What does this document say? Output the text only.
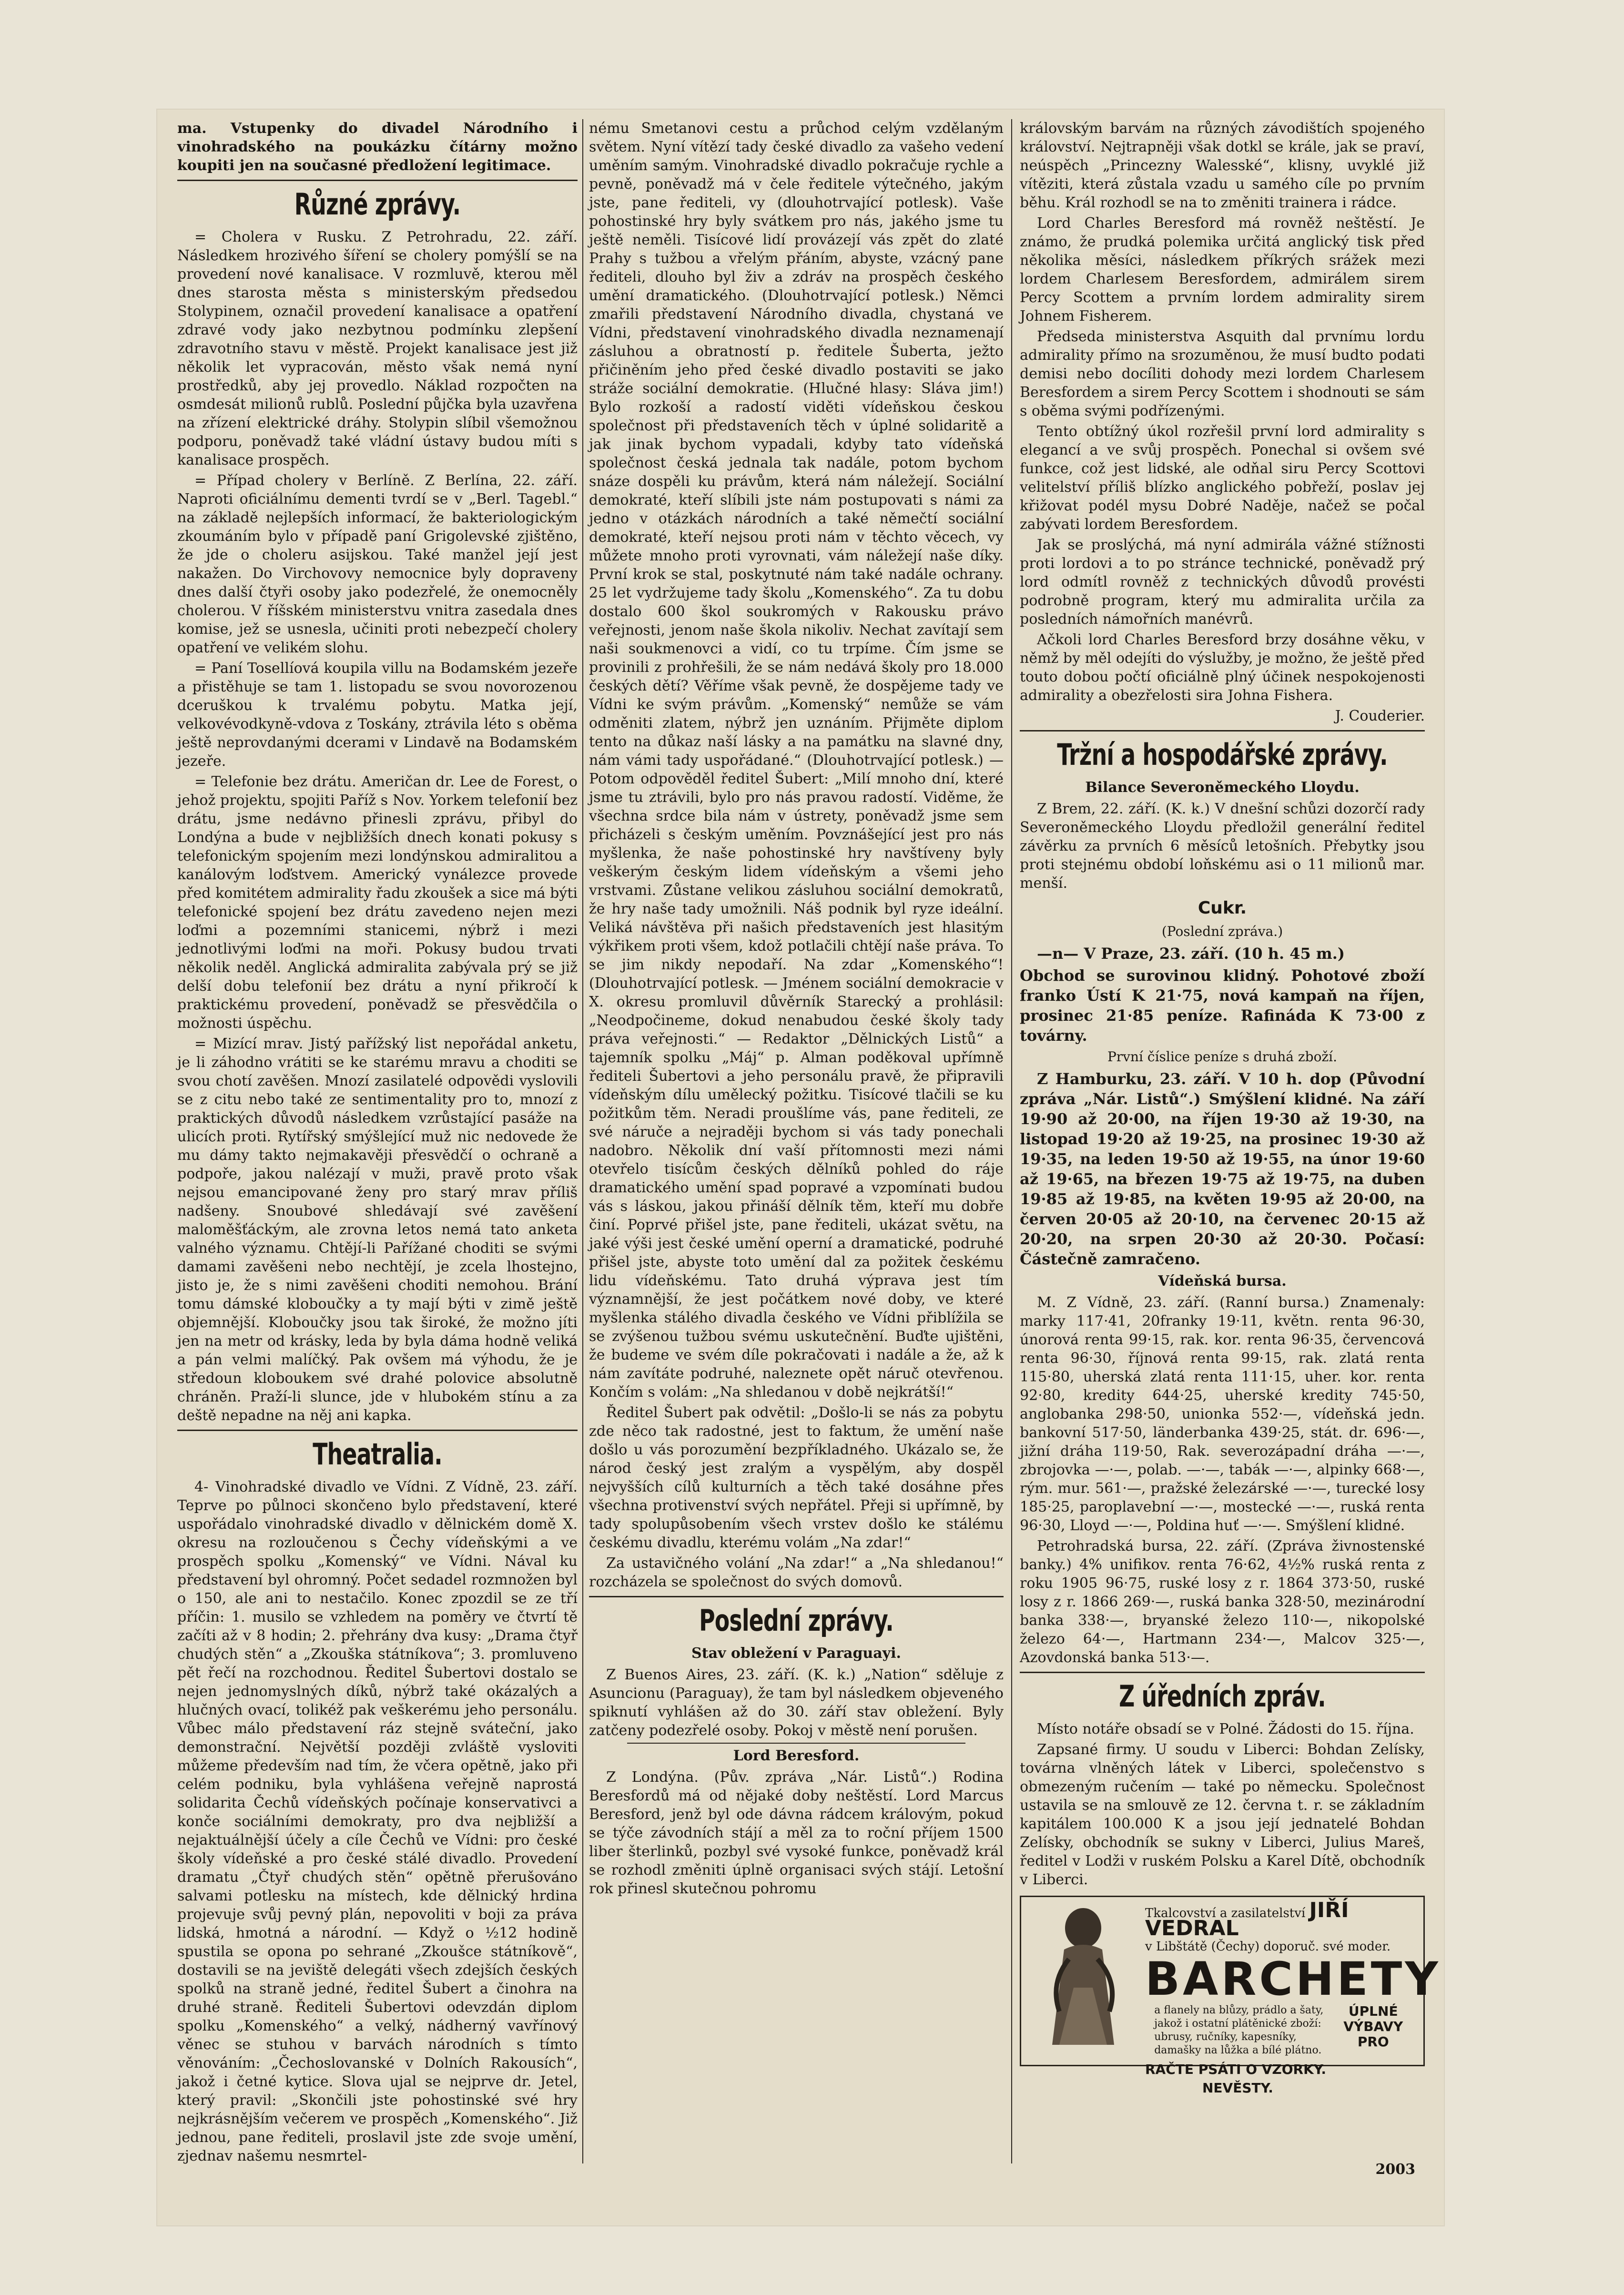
ma. Vstupenky do divadel Národního i vinohradského na poukázku čítárny možno koupiti jen na současné předložení legitimace.

Různé zprávy.

= Cholera v Rusku. Z Petrohradu, 22. září. Následkem hrozivého šíření se cholery pomýšlí se na provedení nové kanalisace. V rozmluvě, kterou měl dnes starosta města s ministerským předsedou Stolypinem, označil provedení kanalisace a opatření zdravé vody jako nezbytnou podmínku zlepšení zdravotního stavu v městě. Projekt kanalisace jest již několik let vypracován, město však nemá nyní prostředků, aby jej provedlo. Náklad rozpočten na osmdesát milionů rublů. Poslední půjčka byla uzavřena na zřízení elektrické dráhy. Stolypin slíbil všemožnou podporu, poněvadž také vládní ústavy budou míti s kanalisace prospěch.

= Případ cholery v Berlíně. Z Berlína, 22. září. Naproti oficiálnímu dementi tvrdí se v „Berl. Tagebl.“ na základě nejlepších informací, že bakteriologickým zkoumáním bylo v případě paní Grigolevské zjištěno, že jde o choleru asijskou. Také manžel její jest nakažen. Do Virchovovy nemocnice byly dopraveny dnes další čtyři osoby jako podezřelé, že onemocněly cholerou. V říšském ministerstvu vnitra zasedala dnes komise, jež se usnesla, učiniti proti nebezpečí cholery opatření ve velikém slohu.

= Paní Tosellíová koupila villu na Bodamském jezeře a přistěhuje se tam 1. listopadu se svou novorozenou dceruškou k trvalému pobytu. Matka její, velkovévodkyně-vdova z Toskány, ztrávila léto s oběma ještě neprovdanými dcerami v Lindavě na Bodamském jezeře.

= Telefonie bez drátu. Američan dr. Lee de Forest, o jehož projektu, spojiti Paříž s Nov. Yorkem telefonií bez drátu, jsme nedávno přinesli zprávu, přibyl do Londýna a bude v nejbližších dnech konati pokusy s telefonickým spojením mezi londýnskou admiralitou a kanálovým loďstvem. Americký vynálezce provede před komitétem admirality řadu zkoušek a sice má býti telefonické spojení bez drátu zavedeno nejen mezi loďmi a pozemními stanicemi, nýbrž i mezi jednotlivými loďmi na moři. Pokusy budou trvati několik neděl. Anglická admiralita zabývala prý se již delší dobu telefonií bez drátu a nyní přikročí k praktickému provedení, poněvadž se přesvědčila o možnosti úspěchu.

= Mizící mrav. Jistý pařížský list nepořádal anketu, je li záhodno vrátiti se ke starému mravu a choditi se svou chotí zavěšen. Mnozí zasilatelé odpovědi vyslovili se z citu nebo také ze sentimentality pro to, mnozí z praktických důvodů následkem vzrůstající pasáže na ulicích proti. Rytířský smýšlející muž nic nedovede že mu dámy takto nejmakavěji přesvědčí o ochraně a podpoře, jakou nalézají v muži, pravě proto však nejsou emancipované ženy pro starý mrav příliš nadšeny. Snoubové shledávají své zavěšení maloměšťáckým, ale zrovna letos nemá tato anketa valného významu. Chtějí-li Pařížané choditi se svými damami zavěšeni nebo nechtějí, je zcela lhostejno, jisto je, že s nimi zavěšeni choditi nemohou. Brání tomu dámské kloboučky a ty mají býti v zimě ještě objemnější. Kloboučky jsou tak široké, že možno jíti jen na metr od krásky, leda by byla dáma hodně veliká a pán velmi malíčký. Pak ovšem má výhodu, že je středoun kloboukem své drahé polovice absolutně chráněn. Praží-li slunce, jde v hlubokém stínu a za deště nepadne na něj ani kapka.

Theatralia.

4- Vinohradské divadlo ve Vídni. Z Vídně, 23. září. Teprve po půlnoci skončeno bylo představení, které uspořádalo vinohradské divadlo v dělnickém domě X. okresu na rozloučenou s Čechy vídeňskými a ve prospěch spolku „Komenský“ ve Vídni. Nával ku představení byl ohromný. Počet sedadel rozmnožen byl o 150, ale ani to nestačilo. Konec zpozdil se ze tří příčin: 1. musilo se vzhledem na poměry ve čtvrtí tě začíti až v 8 hodin; 2. přehrány dva kusy: „Drama čtyř chudých stěn“ a „Zkouška státníkova“; 3. promluveno pět řečí na rozchodnou. Ředitel Šubertovi dostalo se nejen jednomyslných díků, nýbrž také okázalých a hlučných ovací, tolikéž pak veškerému jeho personálu. Vůbec málo představení ráz stejně sváteční, jako demonstrační. Největší později zvláště vysloviti můžeme především nad tím, že včera opětně, jako při celém podniku, byla vyhlášena veřejně naprostá solidarita Čechů vídeňských počínaje konservativci a konče sociálními demokraty, pro dva nejbližší a nejaktuálnější účely a cíle Čechů ve Vídni: pro české školy vídeňské a pro české stálé divadlo. Provedení dramatu „Čtyř chudých stěn“ opětně přerušováno salvami potlesku na místech, kde dělnický hrdina projevuje svůj pevný plán, nepovoliti v boji za práva lidská, hmotná a národní. — Když o ½12 hodině spustila se opona po sehrané „Zkoušce státníkově“, dostavili se na jeviště delegáti všech zdejších českých spolků na straně jedné, ředitel Šubert a činohra na druhé straně. Řediteli Šubertovi odevzdán diplom spolku „Komenského“ a velký, nádherný vavřínový věnec se stuhou v barvách národních s tímto věnováním: „Čechoslovanské v Dolních Rakousích“, jakož i četné kytice. Slova ujal se nejprve dr. Jetel, který pravil: „Skončili jste pohostinské své hry nejkrásnějším večerem ve prospěch „Komenského“. Již jednou, pane řediteli, proslavil jste zde svoje umění, zjednav našemu nesmrtel-

nému Smetanovi cestu a průchod celým vzdělaným světem. Nyní vítězí tady české divadlo za vašeho vedení uměním samým. Vinohradské divadlo pokračuje rychle a pevně, poněvadž má v čele ředitele výtečného, jakým jste, pane řediteli, vy (dlouhotrvající potlesk). Vaše pohostinské hry byly svátkem pro nás, jakého jsme tu ještě neměli. Tisícové lidí provázejí vás zpět do zlaté Prahy s tužbou a vřelým přáním, abyste, vzácný pane řediteli, dlouho byl živ a zdráv na prospěch českého umění dramatického. (Dlouhotrvající potlesk.) Němci zmařili představení Národního divadla, chystaná ve Vídni, představení vinohradského divadla neznamenají zásluhou a obratností p. ředitele Šuberta, ježto přičiněním jeho před české divadlo postaviti se jako stráže sociální demokratie. (Hlučné hlasy: Sláva jim!) Bylo rozkoší a radostí viděti vídeňskou českou společnost při představeních těch v úplné solidaritě a jak jinak bychom vypadali, kdyby tato vídeňská společnost česká jednala tak nadále, potom bychom snáze dospěli ku právům, která nám náležejí. Sociální demokraté, kteří slíbili jste nám postupovati s námi za jedno v otázkách národních a také němečtí sociální demokraté, kteří nejsou proti nám v těchto věcech, vy můžete mnoho proti vyrovnati, vám náležejí naše díky. První krok se stal, poskytnuté nám také nadále ochrany. 25 let vydržujeme tady školu „Komenského“. Za tu dobu dostalo 600 škol soukromých v Rakousku právo veřejnosti, jenom naše škola nikoliv. Nechat zavítají sem naši soukmenovci a vidí, co tu trpíme. Čím jsme se provinili z prohřešili, že se nám nedává školy pro 18.000 českých dětí? Věříme však pevně, že dospějeme tady ve Vídni ke svým právům. „Komenský“ nemůže se vám odměniti zlatem, nýbrž jen uznáním. Přijměte diplom tento na důkaz naší lásky a na památku na slavné dny, nám vámi tady uspořádané.“ (Dlouhotrvající potlesk.) — Potom odpověděl ředitel Šubert: „Milí mnoho dní, které jsme tu ztrávili, bylo pro nás pravou radostí. Viděme, že všechna srdce bila nám v ústrety, poněvadž jsme sem přicházeli s českým uměním. Povznášející jest pro nás myšlenka, že naše pohostinské hry navštíveny byly veškerým českým lidem vídeňským a všemi jeho vrstvami. Zůstane velikou zásluhou sociální demokratů, že hry naše tady umožnili. Náš podnik byl ryze ideální. Veliká návštěva při našich představeních jest hlasitým výkřikem proti všem, kdož potlačili chtějí naše práva. To se jim nikdy nepodaří. Na zdar „Komenského“! (Dlouhotrvající potlesk. — Jménem sociální demokracie v X. okresu promluvil důvěrník Starecký a prohlásil: „Neodpočineme, dokud nenabudou české školy tady práva veřejnosti.“ — Redaktor „Dělnických Listů“ a tajemník spolku „Máj“ p. Alman poděkoval upřímně řediteli Šubertovi a jeho personálu pravě, že připravili vídeňským dílu umělecký požitku. Tisícové tlačili se ku požitkům těm. Neradi proušlíme vás, pane řediteli, ze své náruče a nejraději bychom si vás tady ponechali nadobro. Několik dní vaší přítomnosti mezi námi otevřelo tisícům českých dělníků pohled do ráje dramatického umění spad popravé a vzpomínati budou vás s láskou, jakou přináší dělník těm, kteří mu dobře činí. Poprvé přišel jste, pane řediteli, ukázat světu, na jaké výši jest české umění operní a dramatické, podruhé přišel jste, abyste toto umění dal za požitek českému lidu vídeňskému. Tato druhá výprava jest tím významnější, že jest počátkem nové doby, ve které myšlenka stálého divadla českého ve Vídni přiblížila se se zvýšenou tužbou svému uskutečnění. Buďte ujištěni, že budeme ve svém díle pokračovati i nadále a že, až k nám zavítáte podruhé, naleznete opět náruč otevřenou. Končím s volám: „Na shledanou v době nejkrátší!“

Ředitel Šubert pak odvětil: „Došlo-li se nás za pobytu zde něco tak radostné, jest to faktum, že umění naše došlo u vás porozumění bezpříkladného. Ukázalo se, že národ český jest zralým a vyspělým, aby dospěl nejvyšších cílů kulturních a těch také dosáhne přes všechna protivenství svých nepřátel. Přeji si upřímně, by tady spolupůsobením všech vrstev došlo ke stálému českému divadlu, kterému volám „Na zdar!“

Za ustavičného volání „Na zdar!“ a „Na shledanou!“ rozcházela se společnost do svých domovů.

Poslední zprávy.

Stav obležení v Paraguayi.

Z Buenos Aires, 23. září. (K. k.) „Nation“ sděluje z Asuncionu (Paraguay), že tam byl následkem objeveného spiknutí vyhlášen až do 30. září stav obležení. Byly zatčeny podezřelé osoby. Pokoj v městě není porušen.

Lord Beresford.

Z Londýna. (Pův. zpráva „Nár. Listů“.) Rodina Beresfordů má od nějaké doby neštěstí. Lord Marcus Beresford, jenž byl ode dávna rádcem královým, pokud se týče závodních stájí a měl za to roční příjem 1500 liber šterlinků, pozbyl své vysoké funkce, poněvadž král se rozhodl změniti úplně organisaci svých stájí. Letošní rok přinesl skutečnou pohromu

královským barvám na různých závodištích spojeného království. Nejtrapněji však dotkl se krále, jak se praví, neúspěch „Princezny Walesské“, klisny, uvyklé již vítěziti, která zůstala vzadu u samého cíle po prvním běhu. Král rozhodl se na to změniti trainera i rádce.

Lord Charles Beresford má rovněž neštěstí. Je známo, že prudká polemika určitá anglický tisk před několika měsíci, následkem příkrých srážek mezi lordem Charlesem Beresfordem, admirálem sirem Percy Scottem a prvním lordem admirality sirem Johnem Fisherem.

Předseda ministerstva Asquith dal prvnímu lordu admirality přímo na srozuměnou, že musí budto podati demisi nebo docíliti dohody mezi lordem Charlesem Beresfordem a sirem Percy Scottem i shodnouti se sám s oběma svými podřízenými.

Tento obtížný úkol rozřešil první lord admirality s elegancí a ve svůj prospěch. Ponechal si ovšem své funkce, což jest lidské, ale odňal siru Percy Scottovi velitelství příliš blízko anglického pobřeží, poslav jej křižovat podél mysu Dobré Naděje, načež se počal zabývati lordem Beresfordem.

Jak se proslýchá, má nyní admirála vážné stížnosti proti lordovi a to po stránce technické, poněvadž prý lord odmítl rovněž z technických důvodů provésti podrobně program, který mu admiralita určila za posledních námořních manévrů.

Ačkoli lord Charles Beresford brzy dosáhne věku, v němž by měl odejíti do výslužby, je možno, že ještě před touto dobou počtí oficiálně plný účinek nespokojenosti admirality a obezřelosti sira Johna Fishera.

J. Couderier.

Tržní a hospodářské zprávy.

Bilance Severoněmeckého Lloydu.

Z Brem, 22. září. (K. k.) V dnešní schůzi dozorčí rady Severoněmeckého Lloydu předložil generální ředitel závěrku za prvních 6 měsíců letošních. Přebytky jsou proti stejnému období loňskému asi o 11 milionů mar. menší.

Cukr.

(Poslední zpráva.)

—n— V Praze, 23. září. (10 h. 45 m.)

Obchod se surovinou klidný. Pohotové zboží franko Ústí K 21·75, nová kampaň na říjen, prosinec 21·85 peníze. Rafináda K 73·00 z továrny.

První číslice peníze s druhá zboží.

Z Hamburku, 23. září. V 10 h. dop (Původní zpráva „Nár. Listů“.) Smýšlení klidné. Na září 19·90 až 20·00, na říjen 19·30 až 19·30, na listopad 19·20 až 19·25, na prosinec 19·30 až 19·35, na leden 19·50 až 19·55, na únor 19·60 až 19·65, na březen 19·75 až 19·75, na duben 19·85 až 19·85, na květen 19·95 až 20·00, na červen 20·05 až 20·10, na červenec 20·15 až 20·20, na srpen 20·30 až 20·30. Počasí: Částečně zamračeno.

Vídeňská bursa.

M. Z Vídně, 23. září. (Ranní bursa.) Znamenaly: marky 117·41, 20franky 19·11, květn. renta 96·30, únorová renta 99·15, rak. kor. renta 96·35, červencová renta 96·30, říjnová renta 99·15, rak. zlatá renta 115·80, uherská zlatá renta 111·15, uher. kor. renta 92·80, kredity 644·25, uherské kredity 745·50, anglobanka 298·50, unionka 552·—, vídeňská jedn. bankovní 517·50, länderbanka 439·25, stát. dr. 696·—, jižní dráha 119·50, Rak. severozápadní dráha —·—, zbrojovka —·—, polab. —·—, tabák —·—, alpinky 668·—, rým. mur. 561·—, pražské železárské —·—, turecké losy 185·25, paroplavební —·—, mostecké —·—, ruská renta 96·30, Lloyd —·—, Poldina huť —·—. Smýšlení klidné.

Petrohradská bursa, 22. září. (Zpráva živnostenské banky.) 4% unifikov. renta 76·62, 4½% ruská renta z roku 1905 96·75, ruské losy z r. 1864 373·50, ruské losy z r. 1866 269·—, ruská banka 328·50, mezinárodní banka 338·—, bryanské železo 110·—, nikopolské železo 64·—, Hartmann 234·—, Malcov 325·—, Azovdonská banka 513·—.

Z úředních zpráv.

Místo notáře obsadí se v Polné. Žádosti do 15. října.

Zapsané firmy. U soudu v Liberci: Bohdan Zelísky, továrna vlněných látek v Liberci, společenstvo s obmezeným ručením — také po německu. Společnost ustavila se na smlouvě ze 12. června t. r. se základním kapitálem 100.000 K a jsou její jednatelé Bohdan Zelísky, obchodník se sukny v Liberci, Julius Mareš, ředitel v Lodži v ruském Polsku a Karel Dítě, obchodník v Liberci.

Tkalcovství a zasilatelství JIŘÍ VEDRAL
v Libštátě (Čechy) doporuč. své moder.
BARCHETY
a flanely na blůzy, prádlo a šaty, jakož i ostatní plátěnické zboží: ubrusy, ručníky, kapesníky, damašky na lůžka a bílé plátno. ÚPLNÉ VÝBAVY PRO
RAČTE PSÁTI O VZORKY. NEVĚSTY.
2003
